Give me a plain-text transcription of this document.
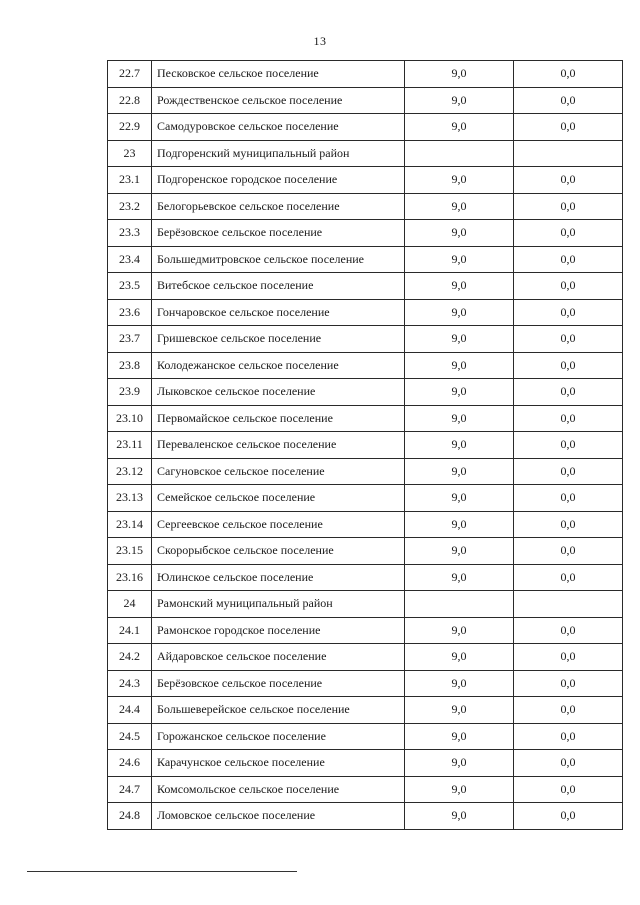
13
22.7	Песковское сельское поселение	9,0	0,0
22.8	Рождественское сельское поселение	9,0	0,0
22.9	Самодуровское сельское поселение	9,0	0,0
23	Подгоренский муниципальный район		
23.1	Подгоренское городское поселение	9,0	0,0
23.2	Белогорьевское сельское поселение	9,0	0,0
23.3	Берёзовское сельское поселение	9,0	0,0
23.4	Большедмитровское сельское поселение	9,0	0,0
23.5	Витебское сельское поселение	9,0	0,0
23.6	Гончаровское сельское поселение	9,0	0,0
23.7	Гришевское сельское поселение	9,0	0,0
23.8	Колодежанское сельское поселение	9,0	0,0
23.9	Лыковское сельское поселение	9,0	0,0
23.10	Первомайское сельское поселение	9,0	0,0
23.11	Переваленское сельское поселение	9,0	0,0
23.12	Сагуновское сельское поселение	9,0	0,0
23.13	Семейское сельское поселение	9,0	0,0
23.14	Сергеевское сельское поселение	9,0	0,0
23.15	Скорорыбское сельское поселение	9,0	0,0
23.16	Юлинское сельское поселение	9,0	0,0
24	Рамонский муниципальный район		
24.1	Рамонское городское поселение	9,0	0,0
24.2	Айдаровское сельское поселение	9,0	0,0
24.3	Берёзовское сельское поселение	9,0	0,0
24.4	Большеверейское сельское поселение	9,0	0,0
24.5	Горожанское сельское поселение	9,0	0,0
24.6	Карачунское сельское поселение	9,0	0,0
24.7	Комсомольское сельское поселение	9,0	0,0
24.8	Ломовское сельское поселение	9,0	0,0
